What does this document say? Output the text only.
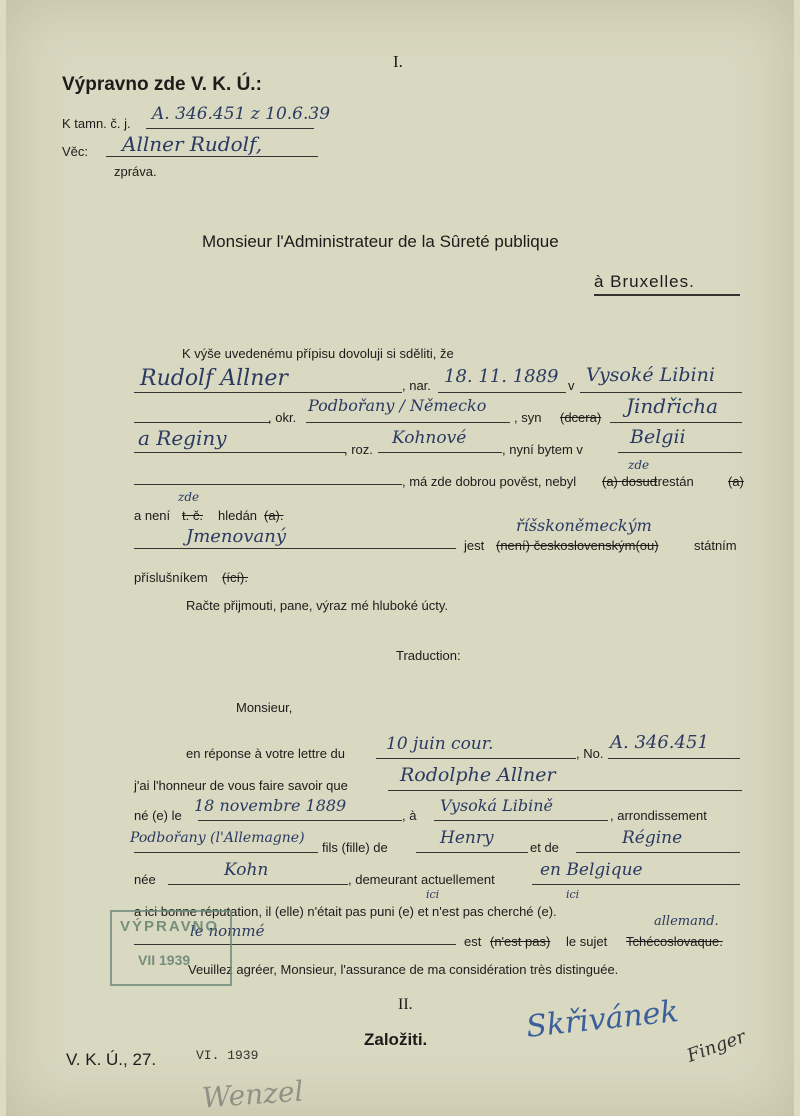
I.
Výpravno zde V. K. Ú.:
K tamn. č. j. A. 346.451 z 10.6.39
Věc: Allner Rudolf,
zpráva.
Monsieur l'Administrateur de la Sûreté publique
à Bruxelles.
K výše uvedenému přípisu dovoluji si sděliti, že
Rudolf Allner	, nar. 18. 11. 1889 v Vysoké Libini
, okr.
Podbořany / Německo
, syn (dcera) Jindřicha
a Reginy	, roz.
Kohnové
, nyní bytem v
Belgii
, má zde dobrou pověst, nebyl (a) dosud
zde
trestán	(a)
a není
zde
t. č. hledán (a).
říšskoněmeckým
Jmenovaný	jest (není) československým(ou)	státním
příslušníkem (ící).
Račte přijmouti, pane, výraz mé hluboké úcty.
Traduction:
Monsieur,
en réponse à votre lettre du 10 juin cour.	, No.
A. 346.451
j'ai l'honneur de vous faire savoir que	Rodolphe Allner
né (e) le
18 novembre 1889
, à
Vysoká Libině
, arrondissement
Podbořany (l'Allemagne)
fils (fille) de	Henry	et de	Régine
née	Kohn	, demeurant actuellement	en Belgique
ici	ici
a ici bonne réputation, il (elle) n'était pas puni (e) et n'est pas cherché (e).
allemand.
le nommé
est (n'est pas) le sujet Tchécoslovaque.
Veuillez agréer, Monsieur, l'assurance de ma considération très distinguée.
VÝPRAVNO
VII 1939
II.
Založiti.
V. K. Ú., 27.	VI. 1939
Skřivánek
Finger
Wenzel
